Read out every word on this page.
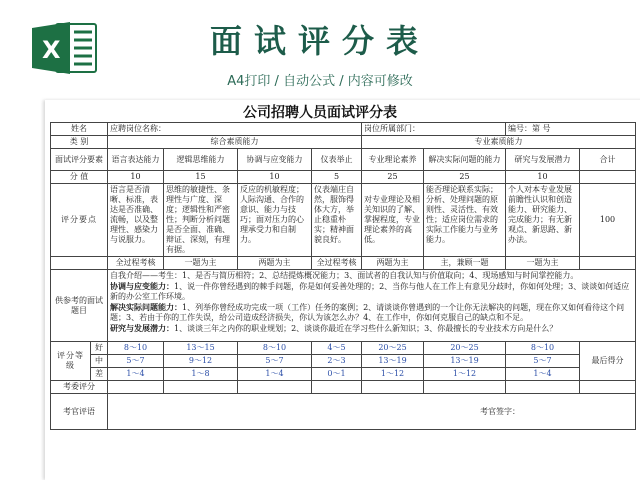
X	面试评分表
A4打印 / 自动公式 / 内容可修改
公司招聘人员面试评分表
姓名		应聘岗位名称：				岗位所属部门：		编号：第 号	
类 别		综合素质能力				专业素质能力			
面试评分要素		语言表达能力	逻辑思维能力	协调与应变能力	仪表举止	专业理论素养	解决实际问题的能力	研究与发展潜力	合计
分 值		10	15	10	5	25	25	10	
评分要点		语言是否清晰、标准，表达是否准确、流畅，以及整理性、感染力与说服力。	思维的敏捷性、条理性与广度、深度；逻辑性和严密性；判断分析问题是否全面、准确、辩证、深刻，有理有据。	反应的机敏程度；人际沟通、合作的意识、能力与技巧；面对压力的心理承受力和自制力。	仪表端庄自然，服饰得体大方，举止稳重朴实；精神面貌良好。	对专业理论及相关知识的了解、掌握程度，专业理论素养的高低。	能否理论联系实际；分析、处理问题的原则性、灵活性、有效性；适应岗位需求的实际工作能力与业务能力。	个人对本专业发展前瞻性认识和创造能力、研究能力、完成能力；有无新观点、新思路、新办法。	100
		全过程考核	一题为主	两题为主	全过程考核	两题为主	主，兼顾一题	一题为主	
供参考的面试题目		自我介绍——考生：1、是否与简历相符；2、总结提炼概况能力；3、面试者的自我认知与价值取向；4、现场感知与时间掌控能力。
协调与应变能力：1、说一件你曾经遇到的棘手问题，你是如何妥善处理的；2、当你与他人在工作上有意见分歧时，你如何处理；3、谈谈如何适应新的办公室工作环境。
解决实际问题能力：1、列举你曾经成功完成一项（工作）任务的案例；2、请谈谈你曾遇到的一个让你无法解决的问题，现在你又如何看待这个问题；3、若由于你的工作失误，给公司造成经济损失，你认为该怎么办？4、在工作中，你如何克服自己的缺点和不足。
研究与发展潜力：1、谈谈三年之内你的职业规划；2、谈谈你最近在学习些什么新知识；3、你最擅长的专业技术方向是什么？							

评分等级	好	8～10	13～15	8～10	4～5	20～25	20～25	8～10	最后得分
	中	5～7	9～12	5～7	2～3	13～19	13～19	5～7	
	差	1～4	1～8	1～4	0～1	1～12	1～12	1～4	
考委评分									
考官评语		考官签字：							
